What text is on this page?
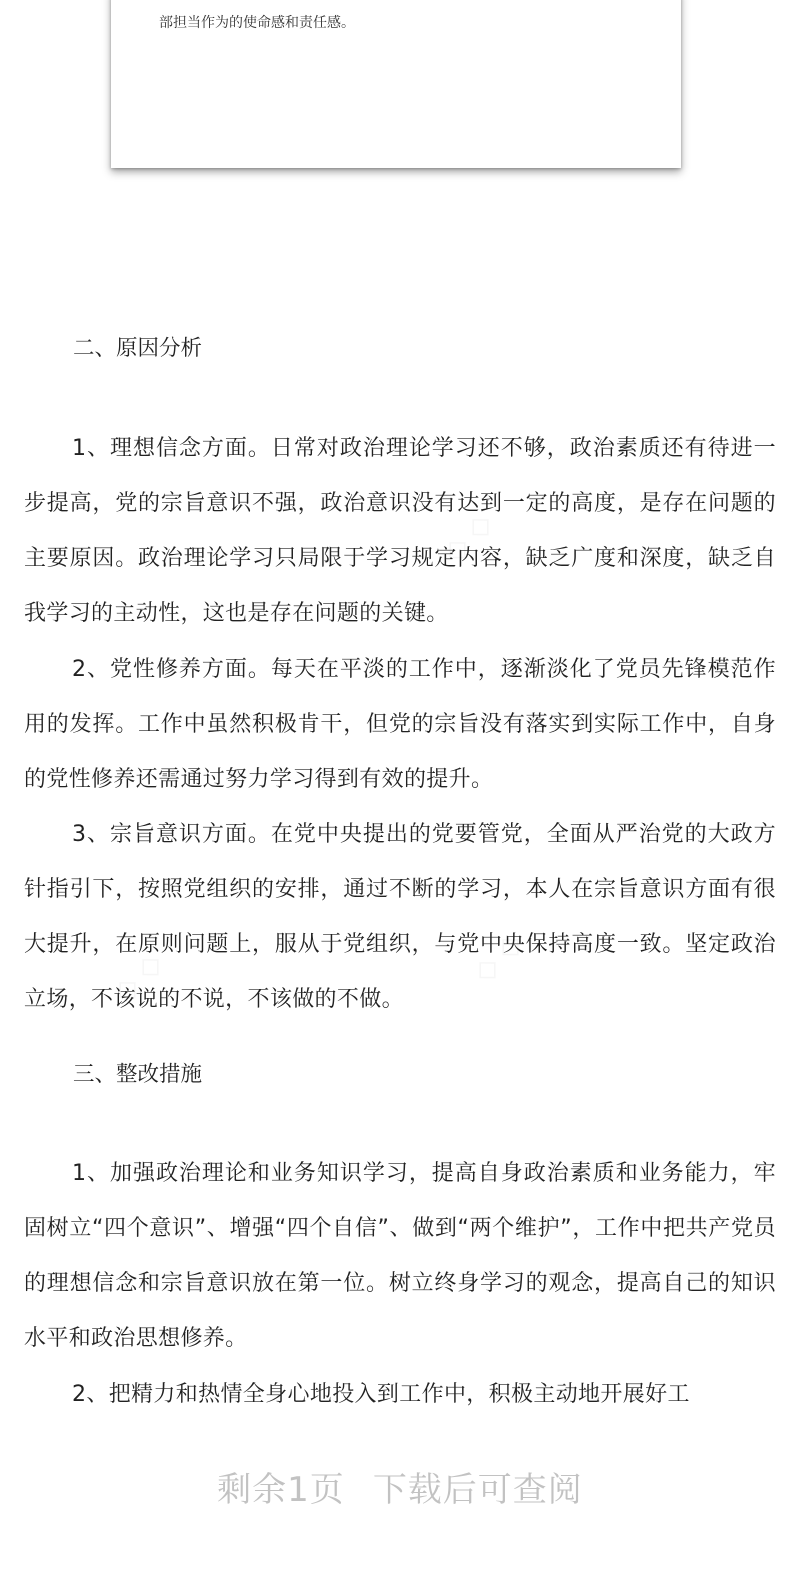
部担当作为的使命感和责任感。
二、原因分析

1、理想信念方面。日常对政治理论学习还不够，政治素质还有待进一步提高，党的宗旨意识不强，政治意识没有达到一定的高度，是存在问题的主要原因。政治理论学习只局限于学习规定内容，缺乏广度和深度，缺乏自我学习的主动性，这也是存在问题的关键。

2、党性修养方面。每天在平淡的工作中，逐渐淡化了党员先锋模范作用的发挥。工作中虽然积极肯干，但党的宗旨没有落实到实际工作中，自身的党性修养还需通过努力学习得到有效的提升。

3、宗旨意识方面。在党中央提出的党要管党，全面从严治党的大政方针指引下，按照党组织的安排，通过不断的学习，本人在宗旨意识方面有很大提升，在原则问题上，服从于党组织，与党中央保持高度一致。坚定政治立场，不该说的不说，不该做的不做。

三、整改措施

1、加强政治理论和业务知识学习，提高自身政治素质和业务能力，牢固树立“四个意识”、增强“四个自信”、做到“两个维护”，工作中把共产党员的理想信念和宗旨意识放在第一位。树立终身学习的观念，提高自己的知识水平和政治思想修养。

2、把精力和热情全身心地投入到工作中，积极主动地开展好工

剩余1页 下载后可查阅
